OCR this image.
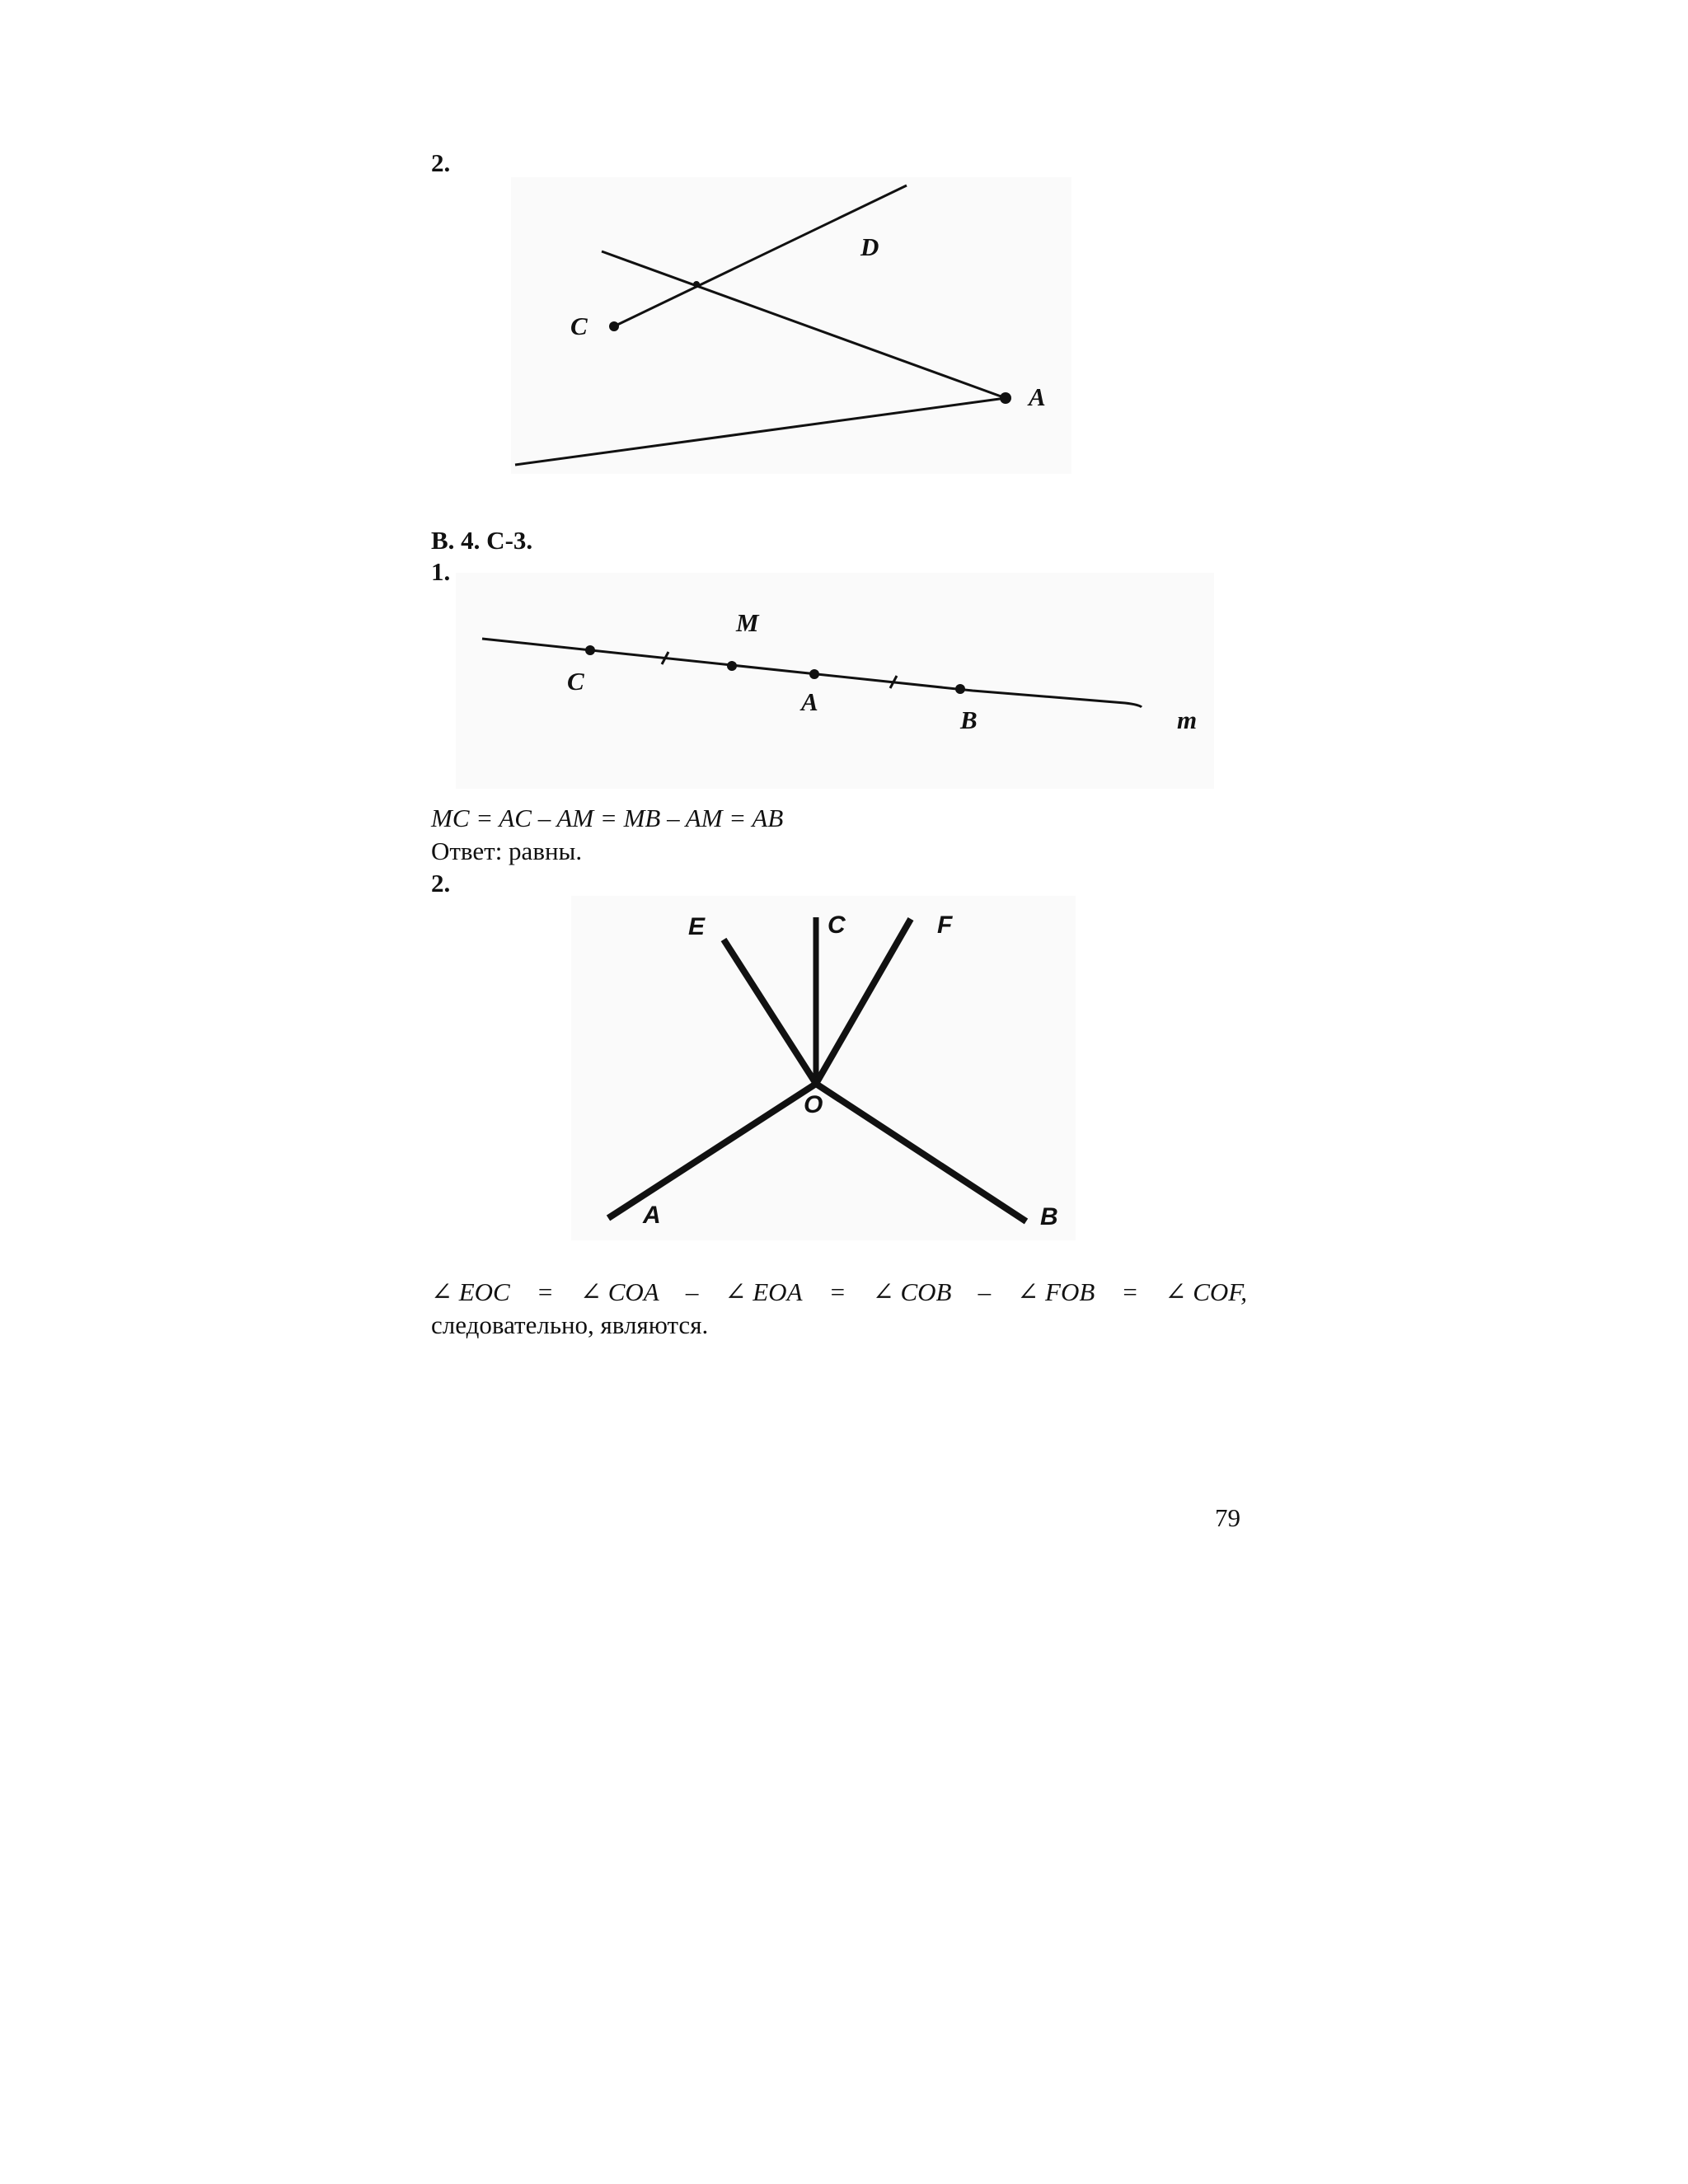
2.
C
D
A
В. 4. С-3.
1.
M
C
A
B	m
MC = AC – AM = MB – AM = AB
Ответ: равны.
2.
E	C	F
O
A	B
∠ EOC = ∠ COA – ∠ EOA = ∠ COB – ∠ FOB = ∠ COF,
следовательно, являются.
79
